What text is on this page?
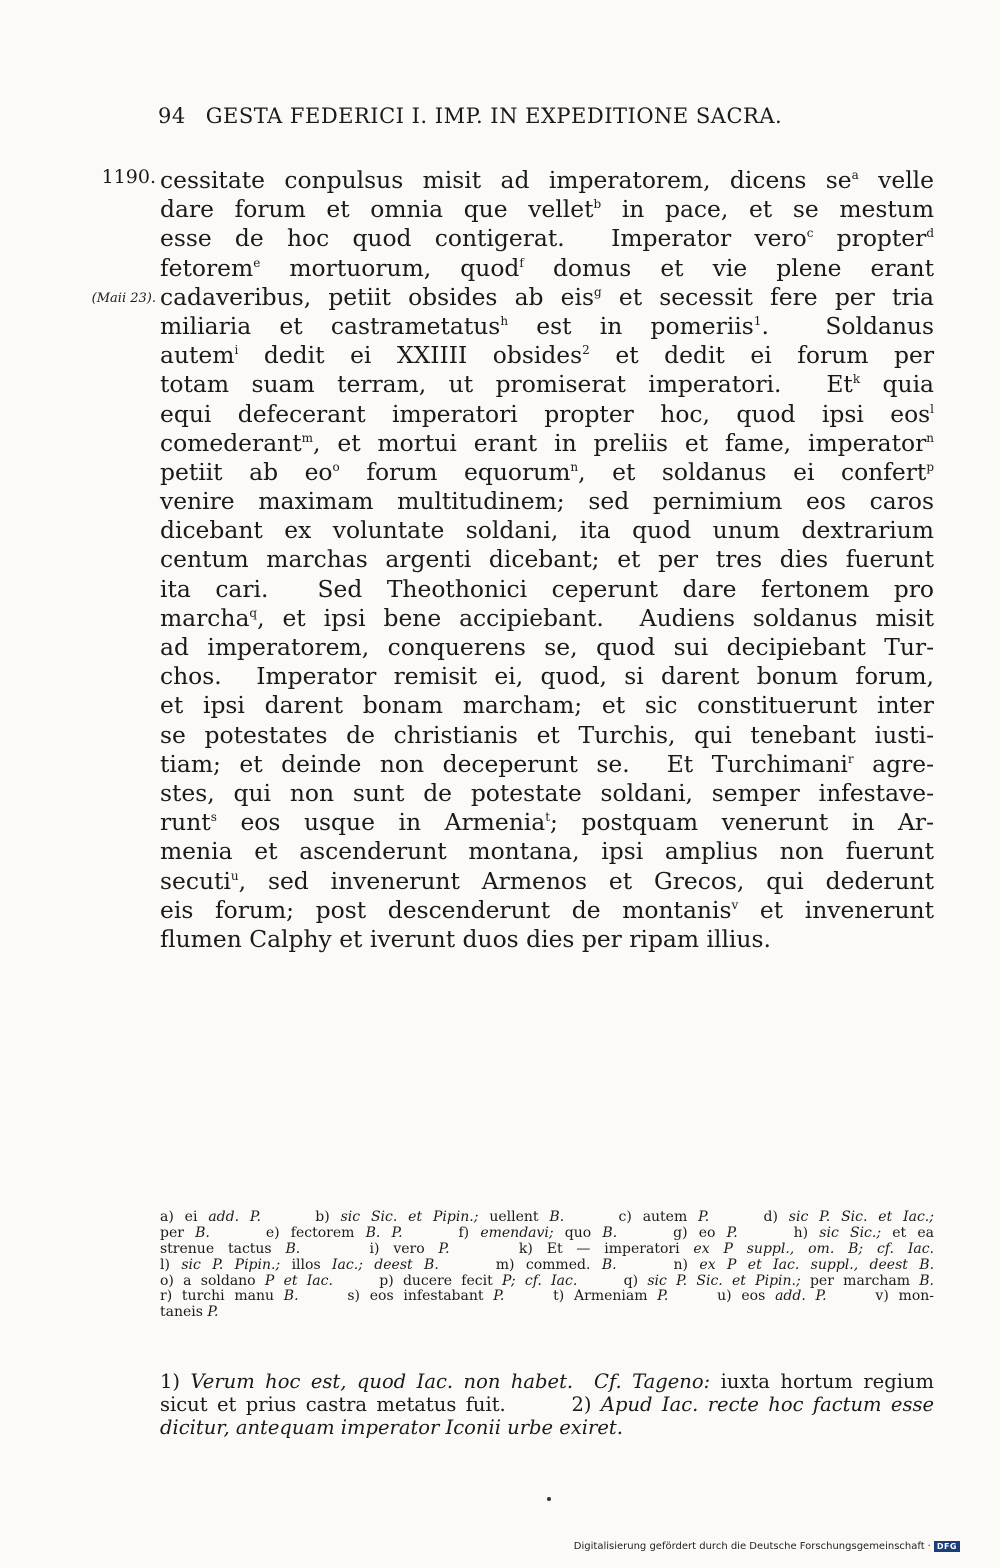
94 GESTA FEDERICI I. IMP. IN EXPEDITIONE SACRA.
1190.
(Maii 23).
cessitate conpulsus misit ad imperatorem, dicens $se^a$ velle
dare forum et omnia que vellet$^b$ in pace, et se mestum
esse de hoc quod contigerat.  Imperator vero$^c$ propter$^d$
fetorem$^e$ mortuorum, quod$^f$ domus et vie plene erant
cadaveribus, petiit obsides ab eis$^g$ et secessit fere per tria
miliaria et castrametatus$^h$ est in pomeriis$^1$.  Soldanus
autem$^i$ dedit ei XXIIII obsides$^2$ et dedit ei forum per
totam suam terram, ut promiserat imperatori.  Et$^k$ quia
equi defecerant imperatori propter hoc, quod ipsi eos$^l$
comederant$^m$, et mortui erant in preliis et fame, imperator$^n$
petiit ab $eo^o$ forum equorum$^n$, et soldanus ei confert$^p$
venire maximam multitudinem; sed pernimium eos caros
dicebant ex voluntate soldani, ita quod unum dextrarium
centum marchas argenti dicebant; et per tres dies fuerunt
ita cari.  Sed Theothonici ceperunt dare fertonem pro
marcha$^q$, et ipsi bene accipiebant.  Audiens soldanus misit
ad imperatorem, conquerens se, quod sui decipiebant Tur-
chos.  Imperator remisit ei, quod, si darent bonum forum,
et ipsi darent bonam marcham; et sic constituerunt inter
se potestates de christianis et Turchis, qui tenebant iusti-
tiam; et deinde non deceperunt se.  Et Turchimani$^r$ agre-
stes, qui non sunt de potestate soldani, semper infestave-
runt$^s$ eos usque in Armenia$^t$; postquam venerunt in Ar-
menia et ascenderunt montana, ipsi amplius non fuerunt
secuti$^u$, sed invenerunt Armenos et Grecos, qui dederunt
eis forum; post descenderunt de montanis$^v$ et invenerunt
flumen Calphy et iverunt duos dies per ripam illius.
a) ei add. P.     b) sic Sic. et Pipin.; uellent B.     c) autem P.     d) sic P. Sic. et Iac.;
per B.     e) fectorem B. P.     f) emendavi; quo B.     g) eo P.     h) sic Sic.; et ea
strenue tactus B.     i) vero P.     k) Et — imperatori ex P suppl., om. B; cf. Iac.
l) sic P. Pipin.; illos Iac.; deest B.     m) commed. B.     n) ex P et Iac. suppl., deest B.
o) a soldano P et Iac.     p) ducere fecit P; cf. Iac.     q) sic P. Sic. et Pipin.; per marcham B.
r) turchi manu B.     s) eos infestabant P.     t) Armeniam P.     u) eos add. P.     v) mon-
taneis P.
1) Verum hoc est, quod Iac. non habet.  Cf. Tageno: iuxta hortum regium
sicut et prius castra metatus fuit.       2) Apud Iac. recte hoc factum esse
dicitur, antequam imperator Iconii urbe exiret.
Digitalisierung gefördert durch die Deutsche Forschungsgemeinschaft · DFG
